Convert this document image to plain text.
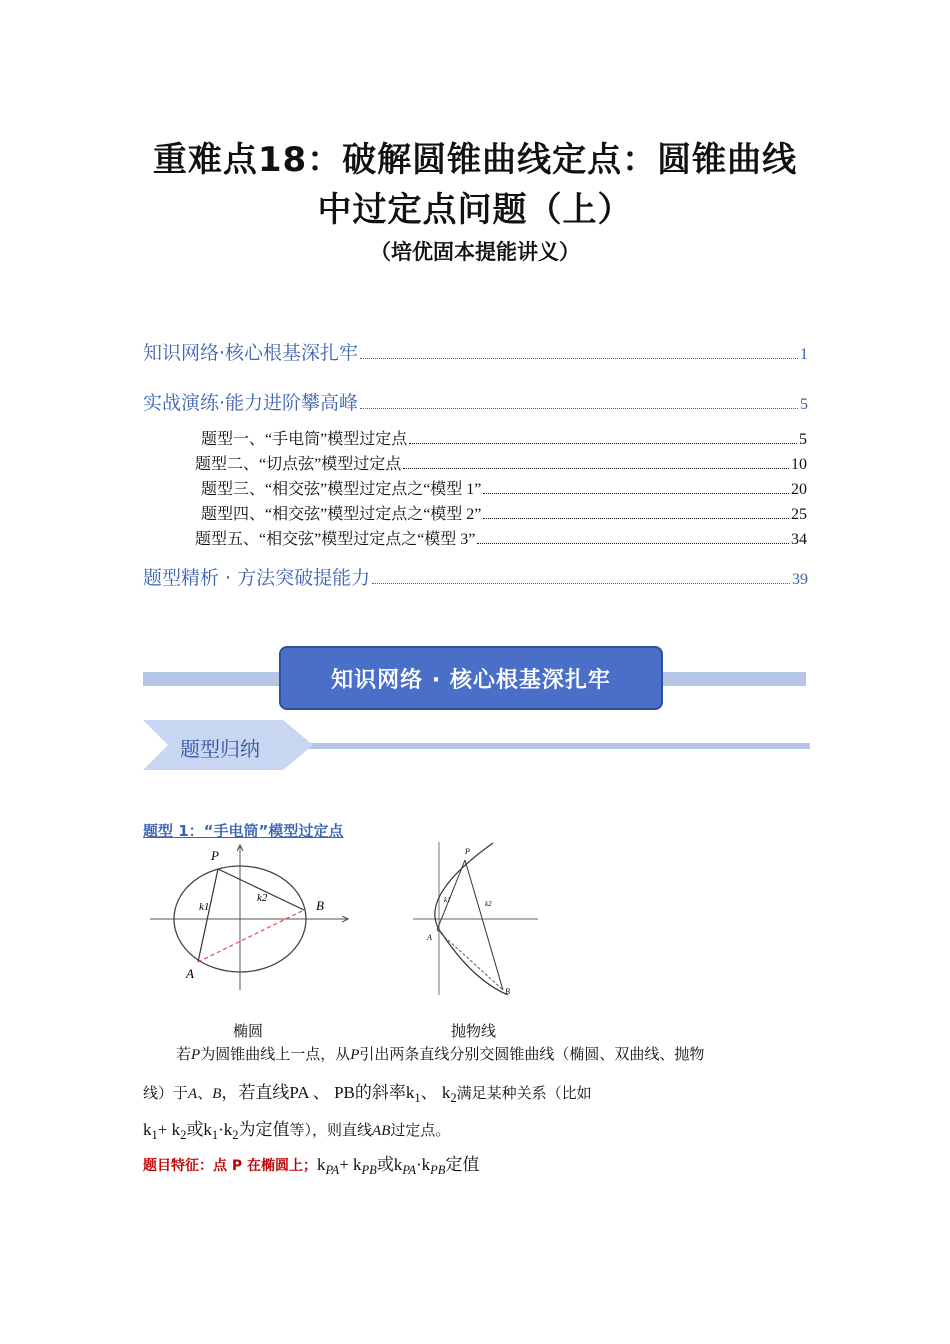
重难点18：破解圆锥曲线定点：圆锥曲线
中过定点问题（上）
（培优固本提能讲义）
知识网络·核心根基深扎牢	1
实战演练·能力进阶攀高峰	5
题型一、“手电筒”模型过定点	5
题型二、“切点弦”模型过定点	10
题型三、“相交弦”模型过定点之“模型 1”	20
题型四、“相交弦”模型过定点之“模型 2”	25
题型五、“相交弦”模型过定点之“模型 3”	34
题型精析 · 方法突破提能力	39
知识网络 · 核心根基深扎牢
题型归纳
题型 1：“手电筒”模型过定点
P
A
B
k1
k2
P
A
B
k1	k2
椭圆	抛物线
若P为圆锥曲线上一点，从P引出两条直线分别交圆锥曲线（椭圆、双曲线、抛物
线）于A、B，若直线PA 、 PB的斜率$k_1$、 $k_2$满足某种关系（比如
$k_1+ k_2$或$k_1\cdot k_2$为定值等），则直线AB过定点。
题目特征：点 P 在椭圆上；$k_{PA}+ k_{PB}$或$k_{PA}\cdot k_{PB}$定值
